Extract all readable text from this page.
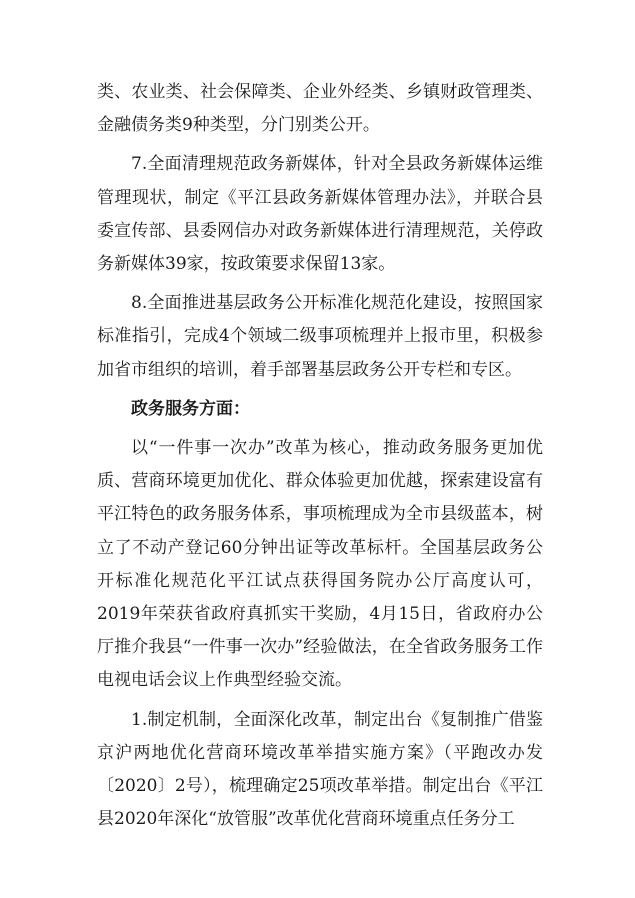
类、农业类、社会保障类、企业外经类、乡镇财政管理类、金融债务类9种类型，分门别类公开。

7.全面清理规范政务新媒体，针对全县政务新媒体运维管理现状，制定《平江县政务新媒体管理办法》，并联合县委宣传部、县委网信办对政务新媒体进行清理规范，关停政务新媒体39家，按政策要求保留13家。

8.全面推进基层政务公开标准化规范化建设，按照国家标准指引，完成4个领域二级事项梳理并上报市里，积极参加省市组织的培训，着手部署基层政务公开专栏和专区。

政务服务方面：

以“一件事一次办”改革为核心，推动政务服务更加优质、营商环境更加优化、群众体验更加优越，探索建设富有平江特色的政务服务体系，事项梳理成为全市县级蓝本，树立了不动产登记60分钟出证等改革标杆。全国基层政务公开标准化规范化平江试点获得国务院办公厅高度认可，2019年荣获省政府真抓实干奖励，4月15日，省政府办公厅推介我县“一件事一次办”经验做法，在全省政务服务工作电视电话会议上作典型经验交流。

1.制定机制，全面深化改革，制定出台《复制推广借鉴京沪两地优化营商环境改革举措实施方案》（平跑改办发〔2020〕2号），梳理确定25项改革举措。制定出台《平江县2020年深化“放管服”改革优化营商环境重点任务分工
